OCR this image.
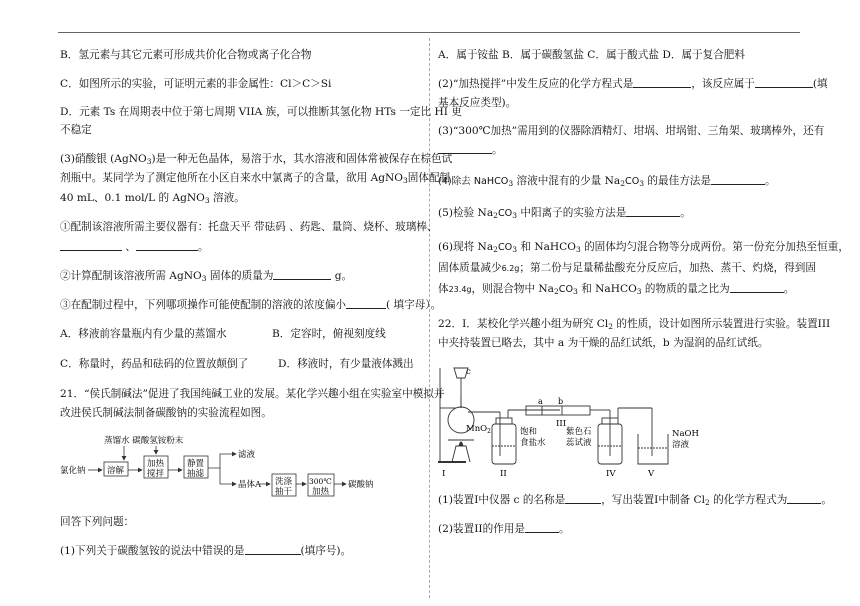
B．氢元素与其它元素可形成共价化合物或离子化合物
C．如图所示的实验，可证明元素的非金属性：Cl＞C＞Si
D．元素 Ts 在周期表中位于第七周期 VIIA 族，可以推断其氢化物 HTs 一定比 HI 更
不稳定
(3)硝酸银 (AgNO$_3$)是一种无色晶体，易溶于水，其水溶液和固体常被保存在棕色试
剂瓶中。某同学为了测定他所在小区自来水中氯离子的含量，欲用 AgNO$_3$固体配制
40 mL、0.1 mol/L 的 AgNO$_3$ 溶液。
①配制该溶液所需主要仪器有：托盘天平 带砝码 、药匙、量筒、烧杯、玻璃棒、
、	。
②计算配制该溶液所需 AgNO$_3$ 固体的质量为	g。
③在配制过程中，下列哪项操作可能使配制的溶液的浓度偏小	( 填字母）。
A．移液前容量瓶内有少量的蒸馏水	B．定容时，俯视刻度线
C．称量时，药品和砝码的位置放颠倒了	D．移液时，有少量液体溅出
21．“侯氏制碱法”促进了我国纯碱工业的发展。某化学兴趣小组在实验室中模拟并
改进侯氏制碱法制备碳酸钠的实验流程如图。
回答下列问题：
(1)下列关于碳酸氢铵的说法中错误的是	(填序号)。
蒸馏水 碳酸氢铵粉末
氯化钠	溶解
加热
搅拌
静置
抽滤
滤液
晶体A 洗涤
抽干
300℃
加热
碳酸钠
A．属于铵盐 B．属于碳酸氢盐 C．属于酸式盐 D．属于复合肥料
(2)“加热搅拌”中发生反应的化学方程式是	，该反应属于	(填
基本反应类型)。
(3)“300℃加热”需用到的仪器除酒精灯、坩埚、坩埚钳、三角架、玻璃棒外，还有
。
(4)除去 NaHCO$_3$ 溶液中混有的少量 $Na_2CO_3$ 的最佳方法是	。
(5)检验 $Na_2CO_3$ 中阳离子的实验方法是	。
(6)现将 $Na_2CO_3$ 和 NaHCO$_3$ 的固体均匀混合物等分成两份。第一份充分加热至恒重，
固体质量减少6.2g；第二份与足量稀盐酸充分反应后，加热、蒸干、灼烧，得到固
体23.4g，则混合物中 $Na_2CO_3$ 和 NaHCO$_3$ 的物质的量之比为	。
22．I．某校化学兴趣小组为研究 $Cl_2$ 的性质，设计如图所示装置进行实验。装置III
中夹持装置已略去，其中 a 为干燥的品红试纸，b 为湿润的品红试纸。
(1)装置I中仪器 c 的名称是	，写出装置I中制备 $Cl_2$ 的化学方程式为	。
(2)装置II的作用是	。
c
MnO$_2$	饱和
食盐水
a b
紫色石
蕊试液
NaOH
溶液
I	II
III
IV	V
